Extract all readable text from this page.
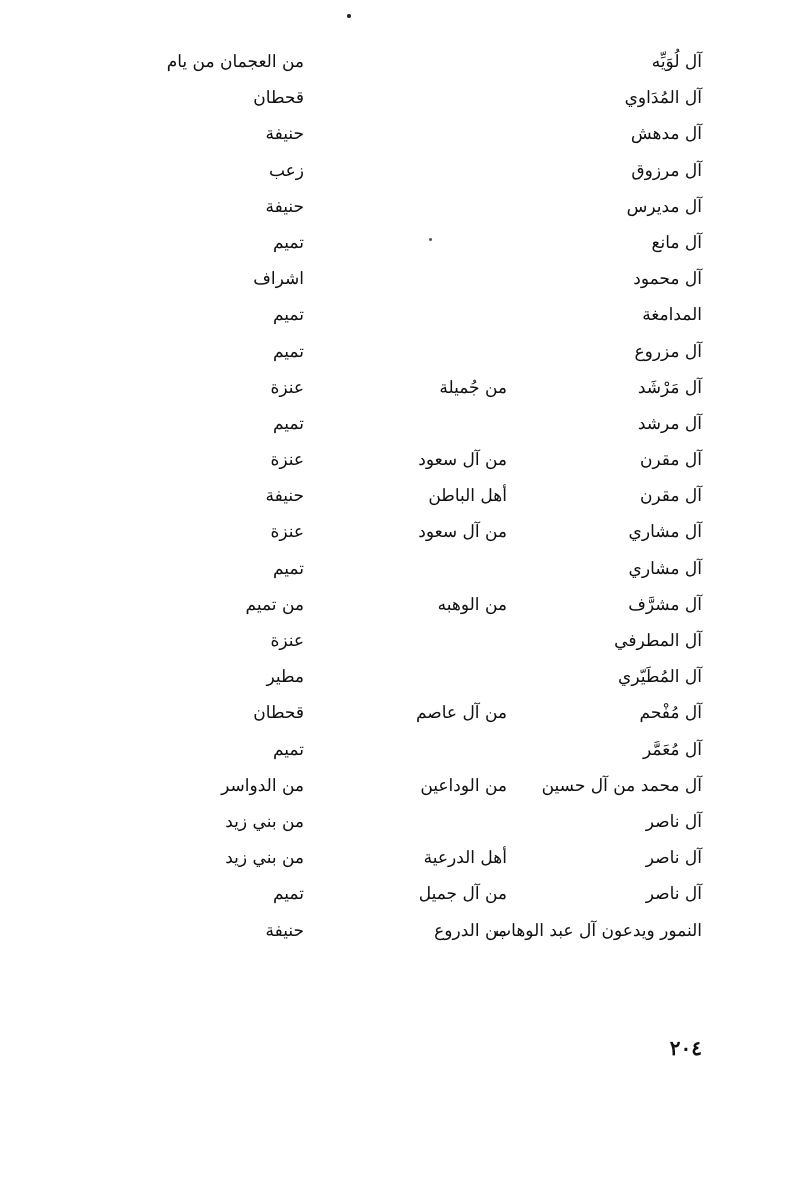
آل لُوَيِّه
من العجمان من يام
آل المُدَاوي
قحطان
آل مدهش
حنيفة
آل مرزوق
زعب
آل مديرس
حنيفة
آل مانع
تميم
آل محمود
اشراف
المدامغة
تميم
آل مزروع
تميم
آل مَرْشَد
من جُميلة
عنزة
آل مرشد
تميم
آل مقرن
من آل سعود
عنزة
آل مقرن
أهل الباطن
حنيفة
آل مشاري
من آل سعود
عنزة
آل مشاري
تميم
آل مشرَّف
من الوهبه
من تميم
آل المطرفي
عنزة
آل المُطَيّري
مطير
آل مُفْحم
من آل عاصم
قحطان
آل مُعَمَّر
تميم
آل محمد من آل حسين
من الوداعين
من الدواسر
آل ناصر
من بني زيد
آل ناصر
أهل الدرعية
من بني زيد
آل ناصر
من آل جميل
تميم
النمور ويدعون آل عبد الوهاب
من الدروع
حنيفة
٢٠٤
